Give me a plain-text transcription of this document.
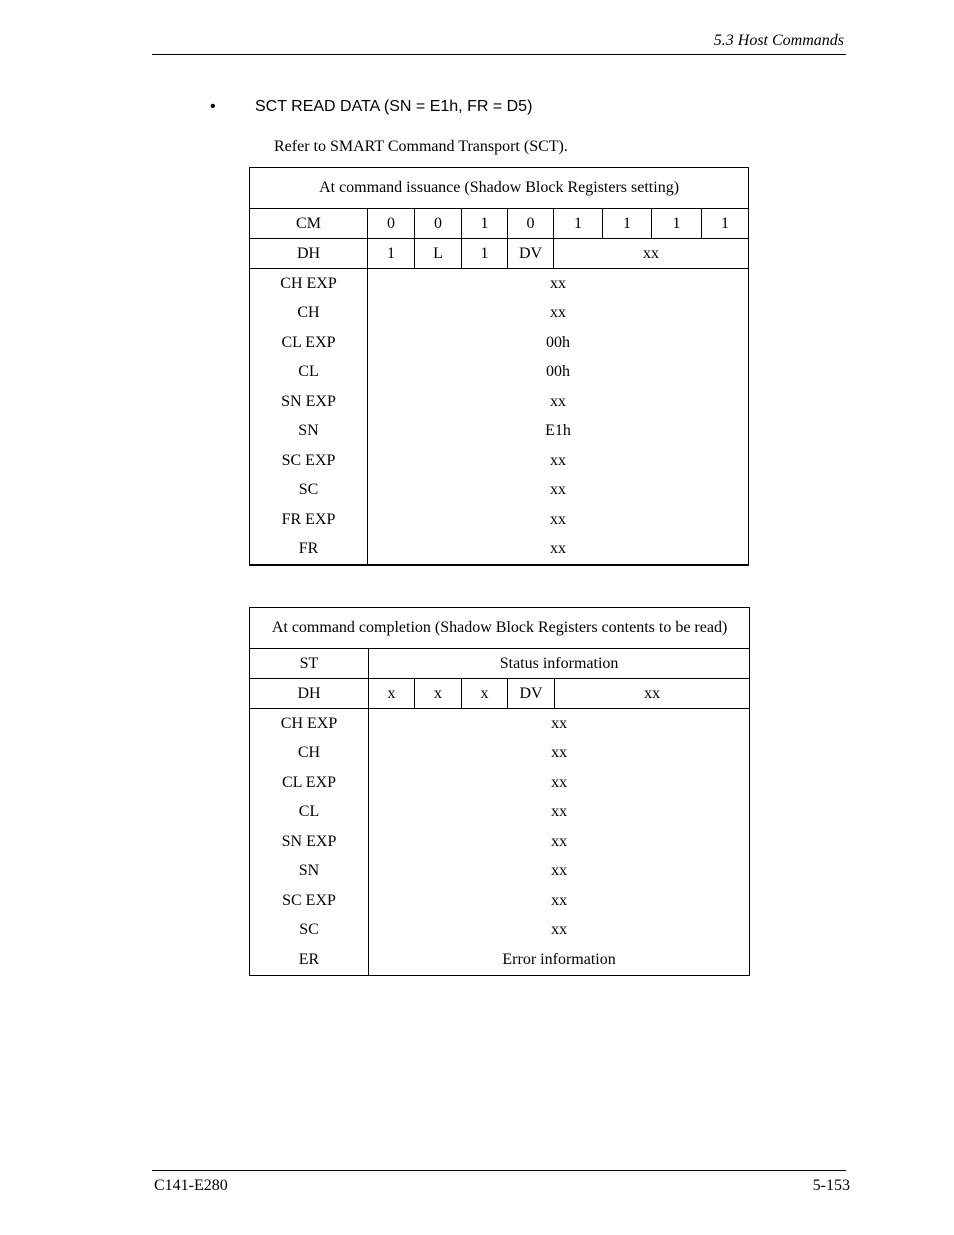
5.3 Host Commands
• SCT READ DATA (SN = E1h, FR = D5)
Refer to SMART Command Transport (SCT).
At command issuance (Shadow Block Registers setting)								
CM	0	0	1	0	1	1	1	1
DH	1	L	1	DV	xx			
CH EXP	xx							
CH	xx							
CL EXP	00h							
CL	00h							
SN EXP	xx							
SN	E1h							
SC EXP	xx							
SC	xx							
FR EXP	xx							
FR	xx							
At command completion (Shadow Block Registers contents to be read)					
ST	Status information				
DH	x	x	x	DV	xx
CH EXP	xx				
CH	xx				
CL EXP	xx				
CL	xx				
SN EXP	xx				
SN	xx				
SC EXP	xx				
SC	xx				
ER	Error information				
C141-E280	5-153
